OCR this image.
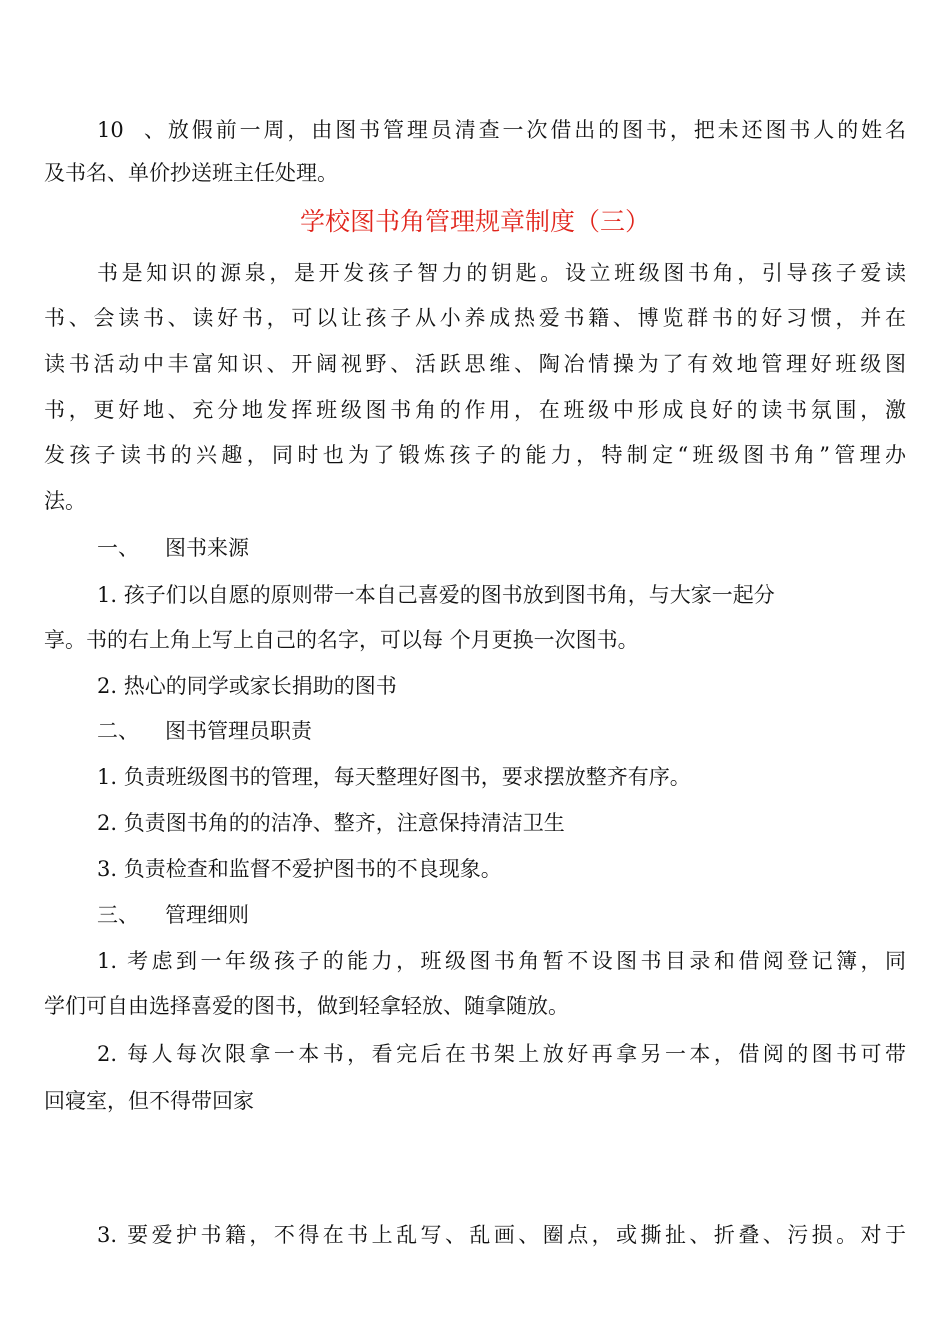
10、放假前一周，由图书管理员清查一次借出的图书，把未还图书人的姓名
及书名、单价抄送班主任处理。
学校图书角管理规章制度（三）
书是知识的源泉，是开发孩子智力的钥匙。设立班级图书角，引导孩子爱读
书、会读书、读好书，可以让孩子从小养成热爱书籍、博览群书的好习惯，并在
读书活动中丰富知识、开阔视野、活跃思维、陶冶情操为了有效地管理好班级图
书，更好地、充分地发挥班级图书角的作用，在班级中形成良好的读书氛围，激
发孩子读书的兴趣，同时也为了锻炼孩子的能力，特制定“班级图书角”管理办
法。
一、 图书来源
1. 孩子们以自愿的原则带一本自己喜爱的图书放到图书角，与大家一起分
享。书的右上角上写上自己的名字，可以每 个月更换一次图书。
2. 热心的同学或家长捐助的图书
二、 图书管理员职责
1. 负责班级图书的管理，每天整理好图书，要求摆放整齐有序。
2. 负责图书角的的洁净、整齐，注意保持清洁卫生
3. 负责检查和监督不爱护图书的不良现象。
三、 管理细则
1. 考虑到一年级孩子的能力，班级图书角暂不设图书目录和借阅登记簿，同
学们可自由选择喜爱的图书，做到轻拿轻放、随拿随放。
2. 每人每次限拿一本书，看完后在书架上放好再拿另一本，借阅的图书可带
回寝室，但不得带回家
3. 要爱护书籍，不得在书上乱写、乱画、圈点，或撕扯、折叠、污损。对于
